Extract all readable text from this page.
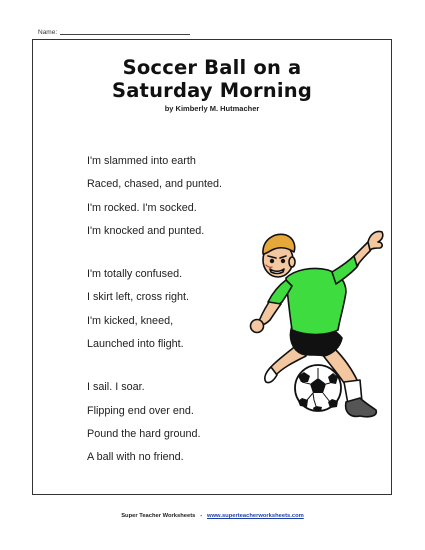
Name:
Soccer Ball on a
Saturday Morning
by Kimberly M. Hutmacher
I'm slammed into earth
Raced, chased, and punted.
I'm rocked. I'm socked.
I'm knocked and punted.
I'm totally confused.
I skirt left, cross right.
I'm kicked, kneed,
Launched into flight.
I sail. I soar.
Flipping end over end.
Pound the hard ground.
A ball with no friend.
Super Teacher Worksheets - www.superteacherworksheets.com
